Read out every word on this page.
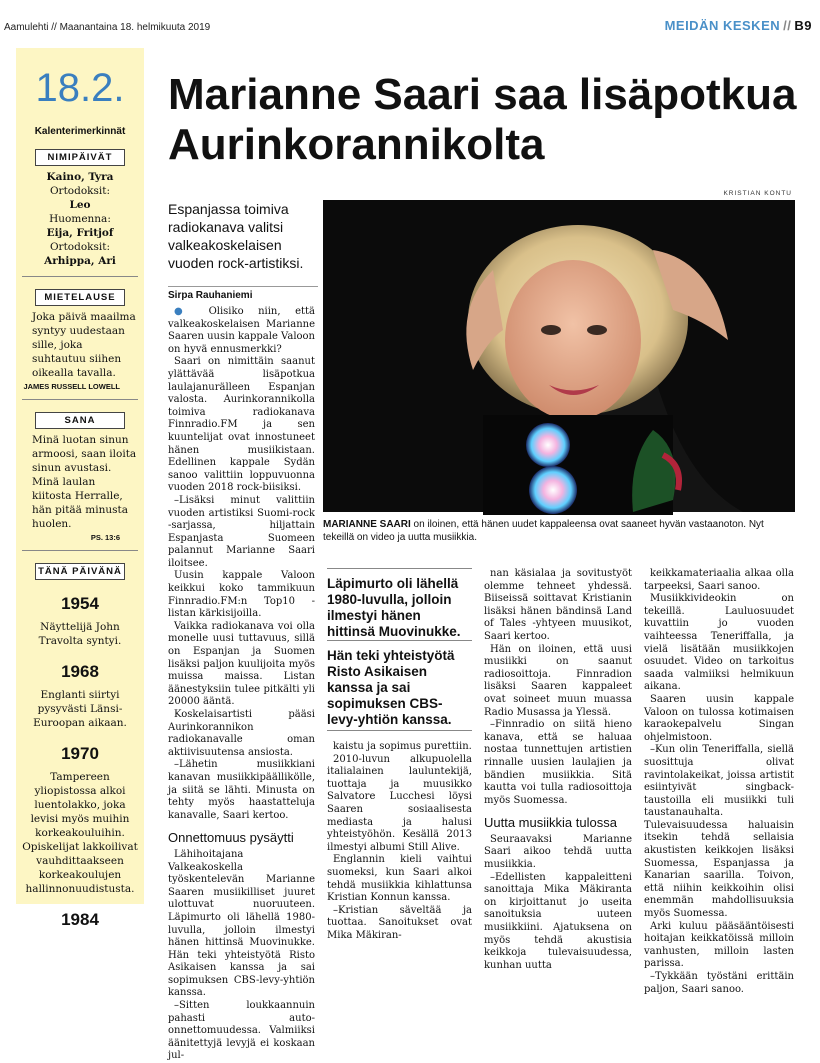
Aamulehti // Maanantaina 18. helmikuuta 2019	MEIDÄN KESKEN // B9
18.2.
Kalenterimerkinnät
NIMIPÄIVÄT
Kaino, Tyra
Ortodoksit:
Leo
Huomenna:
Eija, Fritjof
Ortodoksit:
Arhippa, Ari
MIETELAUSE
Joka päivä maailma syntyy uudestaan sille, joka suhtautuu siihen oikealla tavalla.
JAMES RUSSELL LOWELL
SANA
Minä luotan sinun armoosi, saan iloita sinun avustasi. Minä laulan kiitosta Herralle, hän pitää minusta huolen.
PS. 13:6
TÄNÄ PÄIVÄNÄ
1954
Näyttelijä John Travolta syntyi.
1968
Englanti siirtyi pysyvästi Länsi-Euroopan aikaan.
1970
Tampereen yliopistossa alkoi luentolakko, joka levisi myös muihin korkeakouluihin. Opiskelijat lakkoilivat vauhdittaakseen korkeakoulujen hallinnonuudistusta.
1984
Marianne Saari saa lisäpotkua Aurinkorannikolta
KRISTIAN KONTU
Espanjassa toimiva radiokanava valitsi valkeakoskelaisen vuoden rock-artistiksi.
Sirpa Rauhaniemi
MARIANNE SAARI on iloinen, että hänen uudet kappaleensa ovat saaneet hyvän vastaanoton. Nyt tekeillä on video ja uutta musiikkia.

● Olisiko niin, että valkeakoskelaisen Marianne Saaren uusin kappale Valoon on hyvä ennusmerkki?

Saari on nimittäin saanut ylättävää lisäpotkua laulajanurälleen Espanjan valosta. Aurinkorannikolla toimiva radiokanava Finnradio.FM ja sen kuuntelijat ovat innostuneet hänen musiikistaan. Edellinen kappale Sydän sanoo valittiin loppuvuonna vuoden 2018 rock-biisiksi.

–Lisäksi minut valittiin vuoden artistiksi Suomi-rock -sarjassa, hiljattain Espanjasta Suomeen palannut Marianne Saari iloitsee.

Uusin kappale Valoon keikkui koko tammikuun Finnradio.FM:n Top10 -listan kärkisijoilla.

Vaikka radiokanava voi olla monelle uusi tuttavuus, sillä on Espanjan ja Suomen lisäksi paljon kuulijoita myös muissa maissa. Listan äänestyksiin tulee pitkälti yli 20000 ääntä.

Koskelaisartisti pääsi Aurinkorannikon radiokanavalle oman aktiivisuutensa ansiosta.

–Lähetin musiikkiani kanavan musiikkipäällikölle, ja siitä se lähti. Minusta on tehty myös haastatteluja kanavalle, Saari kertoo.

Onnettomuus pysäytti

Lähihoitajana Valkeakoskella työskentelevän Marianne Saaren musiikilliset juuret ulottuvat nuoruuteen. Läpimurto oli lähellä 1980-luvulla, jolloin ilmestyi hänen hittinsä Muovinukke. Hän teki yhteistyötä Risto Asikaisen kanssa ja sai sopimuksen CBS-levy-yhtiön kanssa.

–Sitten loukkaannuin pahasti auto-onnettomuudessa. Valmiiksi äänitettyjä levyjä ei koskaan jul-

kaistu ja sopimus purettiin.

2010-luvun alkupuolella italialainen lauluntekijä, tuottaja ja muusikko Salvatore Lucchesi löysi Saaren sosiaalisesta mediasta ja halusi yhteistyöhön. Kesällä 2013 ilmestyi albumi Still Alive.

Englannin kieli vaihtui suomeksi, kun Saari alkoi tehdä musiikkia kihlattunsa Kristian Konnun kanssa.

–Kristian säveltää ja tuottaa. Sanoitukset ovat Mika Mäkiran-

Läpimurto oli lähellä 1980-luvulla, jolloin ilmestyi hänen hittinsä Muovinukke.
Hän teki yhteistyötä Risto Asikaisen kanssa ja sai sopimuksen CBS-levy-yhtiön kanssa.

nan käsialaa ja sovitustyöt olemme tehneet yhdessä. Biiseissä soittavat Kristianin lisäksi hänen bändinsä Land of Tales -yhtyeen muusikot, Saari kertoo.

Hän on iloinen, että uusi musiikki on saanut radiosoittoja. Finnradion lisäksi Saaren kappaleet ovat soineet muun muassa Radio Musassa ja Yle​ssä.

–Finnradio on siitä hieno kanava, että se haluaa nostaa tunnettujen artistien rinnalle uusien laulajien ja bändien musiikkia. Sitä kautta voi tulla radiosoittoja myös Suomessa.

Uutta musiikkia tulossa

Seuraavaksi Marianne Saari aikoo tehdä uutta musiikkia.

–Edellisten kappaleitteni sanoittaja Mika Mäkiranta on kirjoittanut jo useita sanoituksia uuteen musiikkiini. Ajatuksena on myös tehdä akustisia keikkoja tulevaisuudessa, kunhan uutta

keikkamateriaalia alkaa olla tarpeeksi, Saari sanoo.

Musiikkivideokin on tekeillä. Lauluosuudet kuvattiin jo vuoden vaihteessa Teneriffalla, ja vielä lisätään musiikkojen osuudet. Video on tarkoitus saada valmiiksi helmikuun aikana.

Saaren uusin kappale Valoon on tulossa kotimaisen karaokepalvelu Singan ohjelmistoon.

–Kun olin Teneriffalla, siellä suosittuja olivat ravintolakeikat, joissa artistit esiintyivät singback-taustoilla eli musiikki tuli taustanauhalta. Tulevaisuudessa haluaisin itsekin tehdä sellaisia akustisten keikkojen lisäksi Suomessa, Espanjassa ja Kanarian saarilla. Toivon, että niihin keikkoihin olisi enemmän mahdollisuuksia myös Suomessa.

Arki kuluu pääsääntöisesti hoitajan keikkatöissä milloin vanhusten, milloin lasten parissa.

–Tykkään työstäni erittäin paljon, Saari sanoo.
